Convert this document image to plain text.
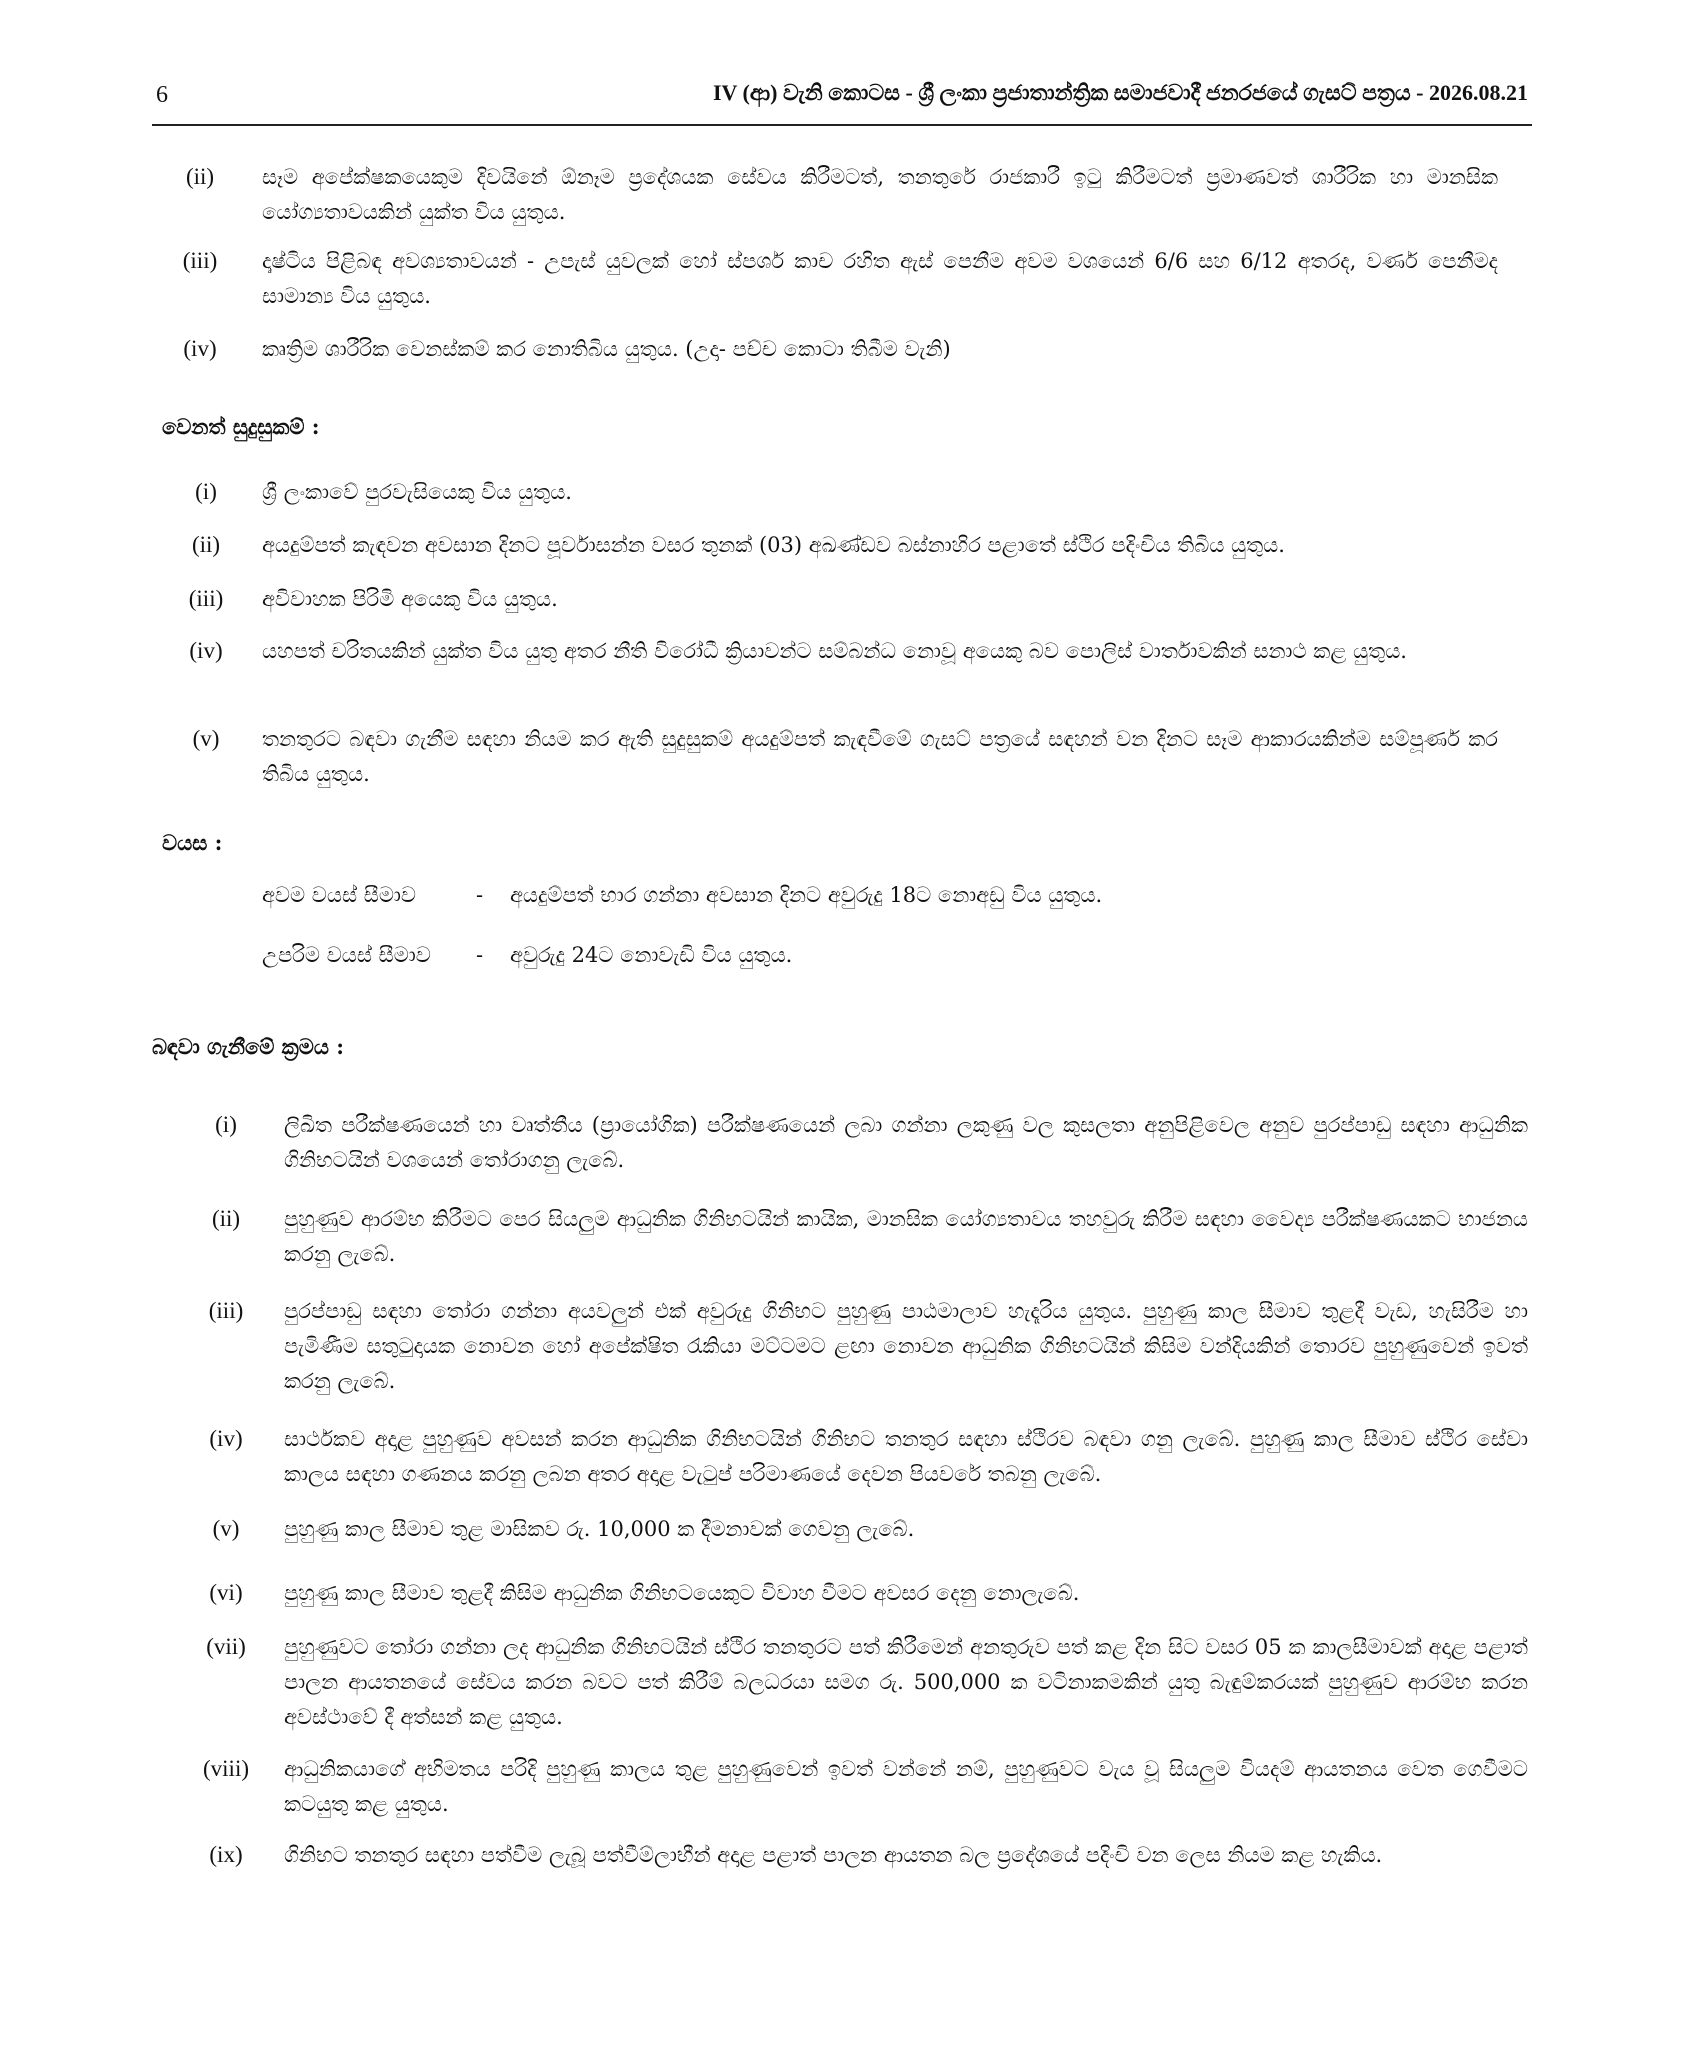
6	IV (ආ) වැනි කොටස - ශ්‍රී ලංකා ප්‍රජාතාන්ත්‍රික සමාජවාදී ජනරජයේ ගැසට් පත්‍රය - 2026.08.21
(ii)	සෑම අපේක්ෂකයෙකුම දිවයිනේ ඕනෑම ප්‍රදේශයක සේවය කිරීමටත්, තනතුරේ රාජකාරී ඉටු කිරීමටත් ප්‍රමාණවත් ශාරීරික හා මානසික යෝග්‍යතාවයකින් යුක්ත විය යුතුය.
(iii)	දෘෂ්ටිය පිළිබඳ අවශ්‍යතාවයන් - උපැස් යුවලක් හෝ ස්පර්ශ කාච රහිත ඇස් පෙනීම අවම වශයෙන් 6/6 සහ 6/12 අතරද, වර්ණ පෙනීමද සාමාන්‍ය විය යුතුය.
(iv)	කෘත්‍රිම ශාරීරික වෙනස්කම් කර නොතිබිය යුතුය. (උදා- පච්ච කොටා තිබීම වැනි)
වෙනත් සුදුසුකම් :
(i)	ශ්‍රී ලංකාවේ පුරවැසියෙකු විය යුතුය.
(ii)	අයදුම්පත් කැඳවන අවසාන දිනට පූර්වාසන්න වසර තුනක් (03) අඛණ්ඩව බස්නාහිර පළාතේ ස්ථිර පදිංචිය තිබිය යුතුය.
(iii)	අවිවාහක පිරිමි අයෙකු විය යුතුය.
(iv)	යහපත් චරිතයකින් යුක්ත විය යුතු අතර නීති විරෝධී ක්‍රියාවන්ට සම්බන්ධ නොවූ අයෙකු බව පොලිස් වාර්තාවකින් සනාථ කළ යුතුය.
(v)	තනතුරට බඳවා ගැනීම සඳහා නියම කර ඇති සුදුසුකම් අයදුම්පත් කැඳවීමේ ගැසට් පත්‍රයේ සඳහන් වන දිනට සෑම ආකාරයකින්ම සම්පූර්ණ කර තිබිය යුතුය.
වයස :
අවම වයස් සීමාව	- අයදුම්පත් භාර ගන්නා අවසාන දිනට අවුරුදු 18ට නොඅඩු විය යුතුය.
උපරිම වයස් සීමාව - අවුරුදු 24ට නොවැඩි විය යුතුය.
බඳවා ගැනීමේ ක්‍රමය :
(i)	ලිඛිත පරීක්ෂණයෙන් හා වෘත්තීය (ප්‍රායෝගික) පරීක්ෂණයෙන් ලබා ගන්නා ලකුණු වල කුසලතා අනුපිළිවෙල අනුව පුරප්පාඩු සඳහා ආධුනික ගිනිභටයින් වශයෙන් තෝරාගනු ලැබේ.
(ii)	පුහුණුව ආරම්භ කිරීමට පෙර සියලුම ආධුනික ගිනිභටයින් කායික, මානසික යෝග්‍යතාවය තහවුරු කිරීම සඳහා වෛද්‍ය පරීක්ෂණයකට භාජනය කරනු ලැබේ.
(iii)	පුරප්පාඩු සඳහා තෝරා ගන්නා අයවලුන් එක් අවුරුදු ගිනිභට පුහුණු පාඨමාලාව හැදෑරිය යුතුය. පුහුණු කාල සීමාව තුළදී වැඩ, හැසිරීම හා පැමිණීම සතුටුදායක නොවන හෝ අපේක්ෂිත රැකියා මට්ටමට ළඟා නොවන ආධුනික ගිනිභටයින් කිසිම වන්දියකින් තොරව පුහුණුවෙන් ඉවත් කරනු ලැබේ.
(iv)	සාර්ථකව අදාළ පුහුණුව අවසන් කරන ආධුනික ගිනිභටයින් ගිනිභට තනතුර සඳහා ස්ථිරව බඳවා ගනු ලැබේ. පුහුණු කාල සීමාව ස්ථිර සේවා කාලය සඳහා ගණනය කරනු ලබන අතර අදාළ වැටුප් පරිමාණයේ දෙවන පියවරේ තබනු ලැබේ.
(v)	පුහුණු කාල සීමාව තුළ මාසිකව රු. 10,000 ක දීමනාවක් ගෙවනු ලැබේ.
(vi)	පුහුණු කාල සීමාව තුළදී කිසිම ආධුනික ගිනිභටයෙකුට විවාහ වීමට අවසර දෙනු නොලැබේ.
(vii)	පුහුණුවට තෝරා ගන්නා ලද ආධුනික ගිනිභටයින් ස්ථිර තනතුරට පත් කිරීමෙන් අනතුරුව පත් කළ දින සිට වසර 05 ක කාලසීමාවක් අදාළ පළාත් පාලන ආයතනයේ සේවය කරන බවට පත් කිරීම් බලධරයා සමග රු. 500,000 ක වටිනාකමකින් යුතු බැඳුම්කරයක් පුහුණුව ආරම්භ කරන අවස්ථාවේ දී අත්සන් කළ යුතුය.
(viii)	ආධුනිකයාගේ අභිමතය පරිදි පුහුණු කාලය තුළ පුහුණුවෙන් ඉවත් වන්නේ නම්, පුහුණුවට වැය වූ සියලුම වියදම් ආයතනය වෙත ගෙවීමට කටයුතු කළ යුතුය.
(ix)	ගිනිභට තනතුර සඳහා පත්වීම ලැබූ පත්වීම්ලාභීන් අදාළ පළාත් පාලන ආයතන බල ප්‍රදේශයේ පදිංචි වන ලෙස නියම කළ හැකිය.
